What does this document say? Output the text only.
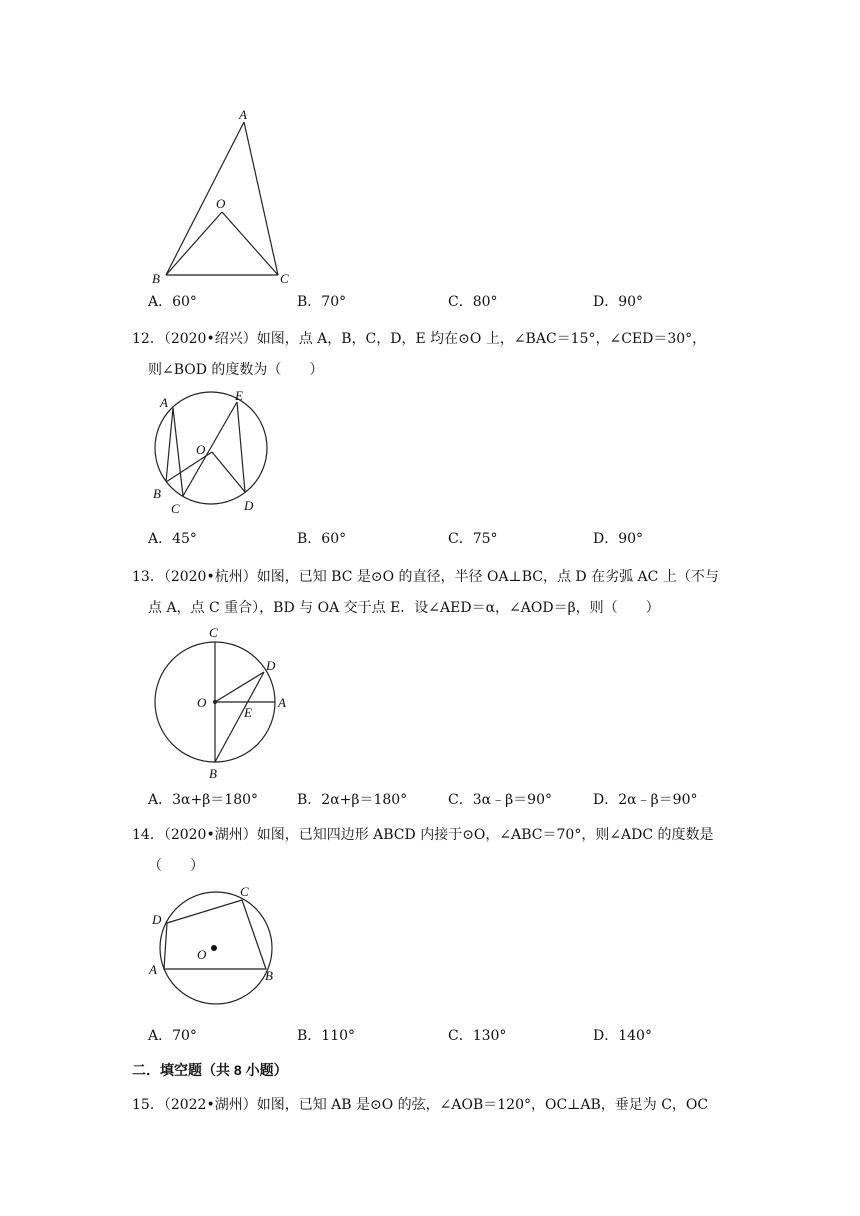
A
O
B	C
A．60°	B．70°	C．80°	D．90°
12．（2020•绍兴）如图，点 A，B，C，D，E 均在⊙O 上，∠BAC＝15°，∠CED＝30°，
则∠BOD 的度数为（　　）
A	E
O
B
C	D
A．45°	B．60°	C．75°	D．90°
13．（2020•杭州）如图，已知 BC 是⊙O 的直径，半径 OA⊥BC，点 D 在劣弧 AC 上（不与
点 A，点 C 重合），BD 与 OA 交于点 E．设∠AED＝α，∠AOD＝β，则（　　）
C
D
O
E
A
B
A．3α+β＝180°	B．2α+β＝180°	C．3α﹣β＝90°	D．2α﹣β＝90°
14．（2020•湖州）如图，已知四边形 ABCD 内接于⊙O，∠ABC＝70°，则∠ADC 的度数是
（　　）
C
D
O
A	B
A．70°	B．110°	C．130°	D．140°
二．填空题（共 8 小题）
15．（2022•湖州）如图，已知 AB 是⊙O 的弦，∠AOB＝120°，OC⊥AB，垂足为 C，OC
